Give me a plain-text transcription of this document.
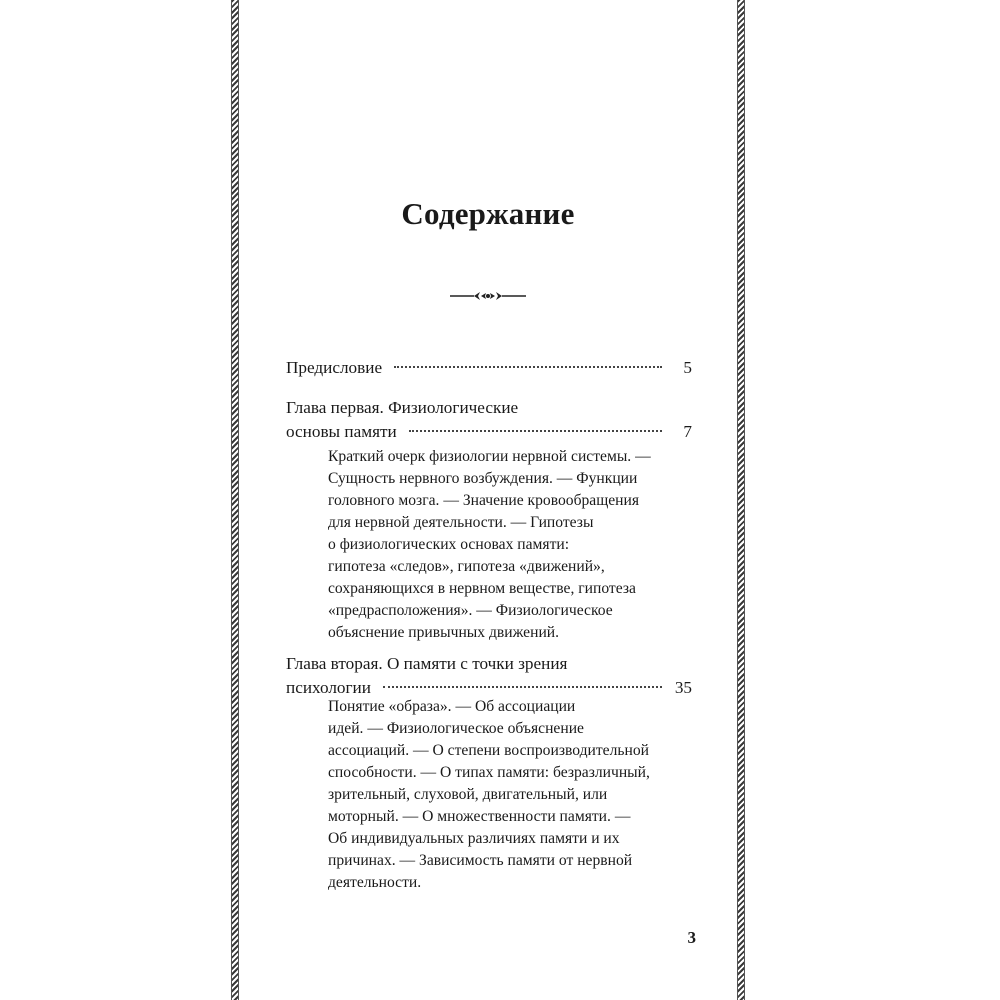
Содержание
Предисловие	5
Глава первая. Физиологические
основы памяти	7
Краткий очерк физиологии нервной системы. —
Сущность нервного возбуждения. — Функции
головного мозга. — Значение кровообращения
для нервной деятельности. — Гипотезы
о физиологических основах памяти:
гипотеза «следов», гипотеза «движений»,
сохраняющихся в нервном веществе, гипотеза
«предрасположения». — Физиологическое
объяснение привычных движений.
Глава вторая. О памяти с точки зрения
психологии	35
Понятие «образа». — Об ассоциации
идей. — Физиологическое объяснение
ассоциаций. — О степени воспроизводительной
способности. — О типах памяти: безразличный,
зрительный, слуховой, двигательный, или
моторный. — О множественности памяти. —
Об индивидуальных различиях памяти и их
причинах. — Зависимость памяти от нервной
деятельности.
3
